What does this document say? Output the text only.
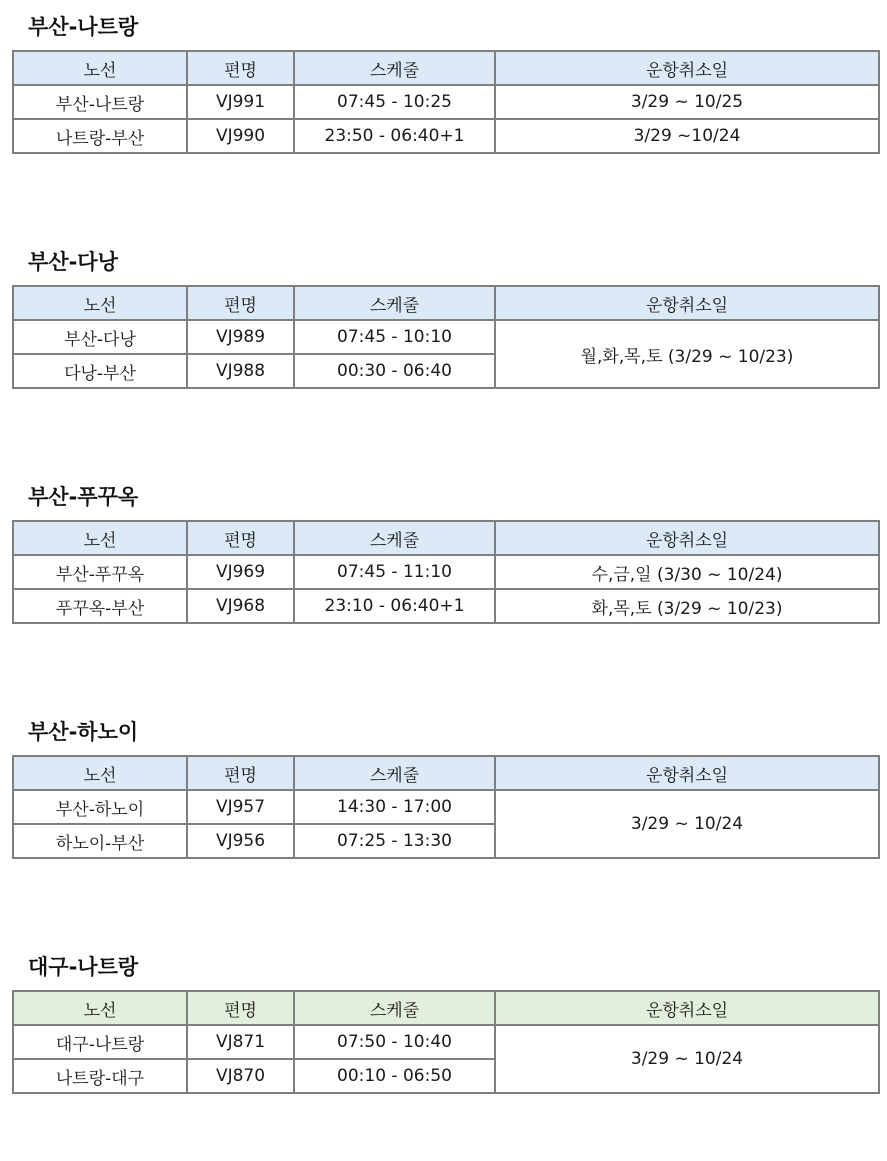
부산-나트랑
노선	편명	스케줄	운항취소일
부산-나트랑	VJ991	07:45 - 10:25	3/29 ~ 10/25
나트랑-부산	VJ990	23:50 - 06:40+1	3/29 ~10/24
부산-다낭
노선	편명	스케줄	운항취소일
부산-다낭	VJ989	07:45 - 10:10	월,화,목,토 (3/29 ~ 10/23)
다낭-부산	VJ988	00:30 - 06:40	
부산-푸꾸옥
노선	편명	스케줄	운항취소일
부산-푸꾸옥	VJ969	07:45 - 11:10	수,금,일 (3/30 ~ 10/24)
푸꾸옥-부산	VJ968	23:10 - 06:40+1	화,목,토 (3/29 ~ 10/23)
부산-하노이
노선	편명	스케줄	운항취소일
부산-하노이	VJ957	14:30 - 17:00	3/29 ~ 10/24
하노이-부산	VJ956	07:25 - 13:30	
대구-나트랑
노선	편명	스케줄	운항취소일
대구-나트랑	VJ871	07:50 - 10:40	3/29 ~ 10/24
나트랑-대구	VJ870	00:10 - 06:50	
